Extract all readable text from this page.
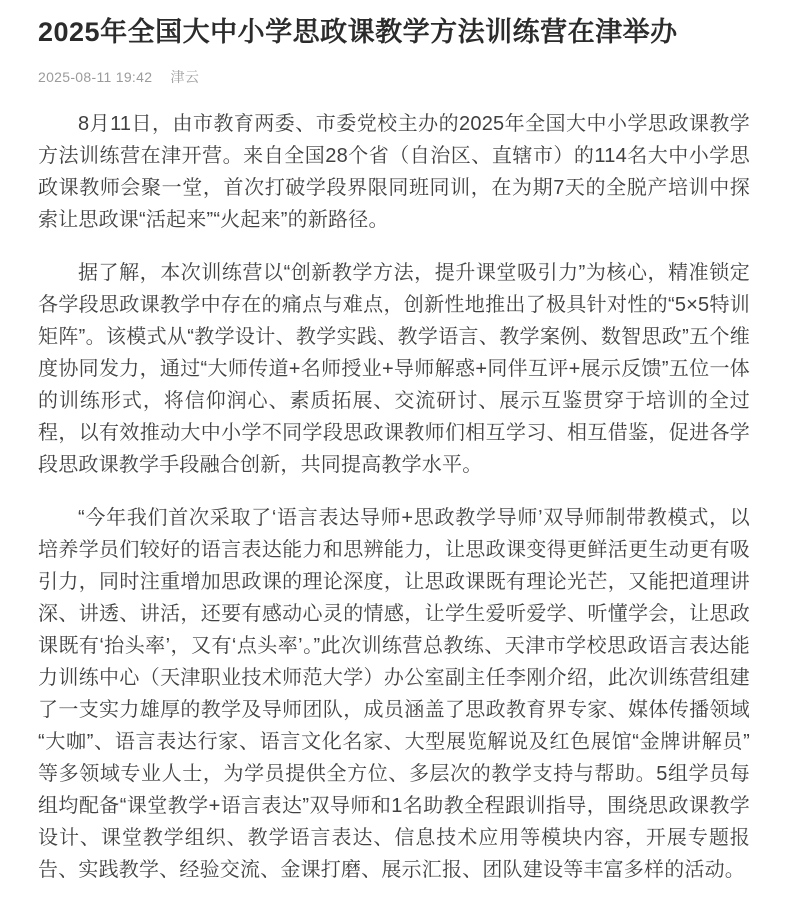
2025年全国大中小学思政课教学方法训练营在津举办
2025-08-11 19:42 津云

8月11日，由市教育两委、市委党校主办的2025年全国大中小学思政课教学方法训练营在津开营。来自全国28个省（自治区、直辖市）的114名大中小学思政课教师会聚一堂，首次打破学段界限同班同训，在为期7天的全脱产培训中探索让思政课“活起来”“火起来”的新路径。

据了解，本次训练营以“创新教学方法，提升课堂吸引力”为核心，精准锁定各学段思政课教学中存在的痛点与难点，创新性地推出了极具针对性的“5×5特训矩阵”。该模式从“教学设计、教学实践、教学语言、教学案例、数智思政”五个维度协同发力，通过“大师传道+名师授业+导师解惑+同伴互评+展示反馈”五位一体的训练形式，将信仰润心、素质拓展、交流研讨、展示互鉴贯穿于培训的全过程，以有效推动大中小学不同学段思政课教师们相互学习、相互借鉴，促进各学段思政课教学手段融合创新，共同提高教学水平。

“今年我们首次采取了‘语言表达导师+思政教学导师’双导师制带教模式，以培养学员们较好的语言表达能力和思辨能力，让思政课变得更鲜活更生动更有吸引力，同时注重增加思政课的理论深度，让思政课既有理论光芒，又能把道理讲深、讲透、讲活，还要有感动心灵的情感，让学生爱听爱学、听懂学会，让思政课既有‘抬头率’，又有‘点头率’。”此次训练营总教练、天津市学校思政语言表达能力训练中心（天津职业技术师范大学）办公室副主任李刚介绍，此次训练营组建了一支实力雄厚的教学及导师团队，成员涵盖了思政教育界专家、媒体传播领域“大咖”、语言表达行家、语言文化名家、大型展览解说及红色展馆“金牌讲解员”等多领域专业人士，为学员提供全方位、多层次的教学支持与帮助。5组学员每组均配备“课堂教学+语言表达”双导师和1名助教全程跟训指导，围绕思政课教学设计、课堂教学组织、教学语言表达、信息技术应用等模块内容，开展专题报告、实践教学、经验交流、金课打磨、展示汇报、团队建设等丰富多样的活动。
